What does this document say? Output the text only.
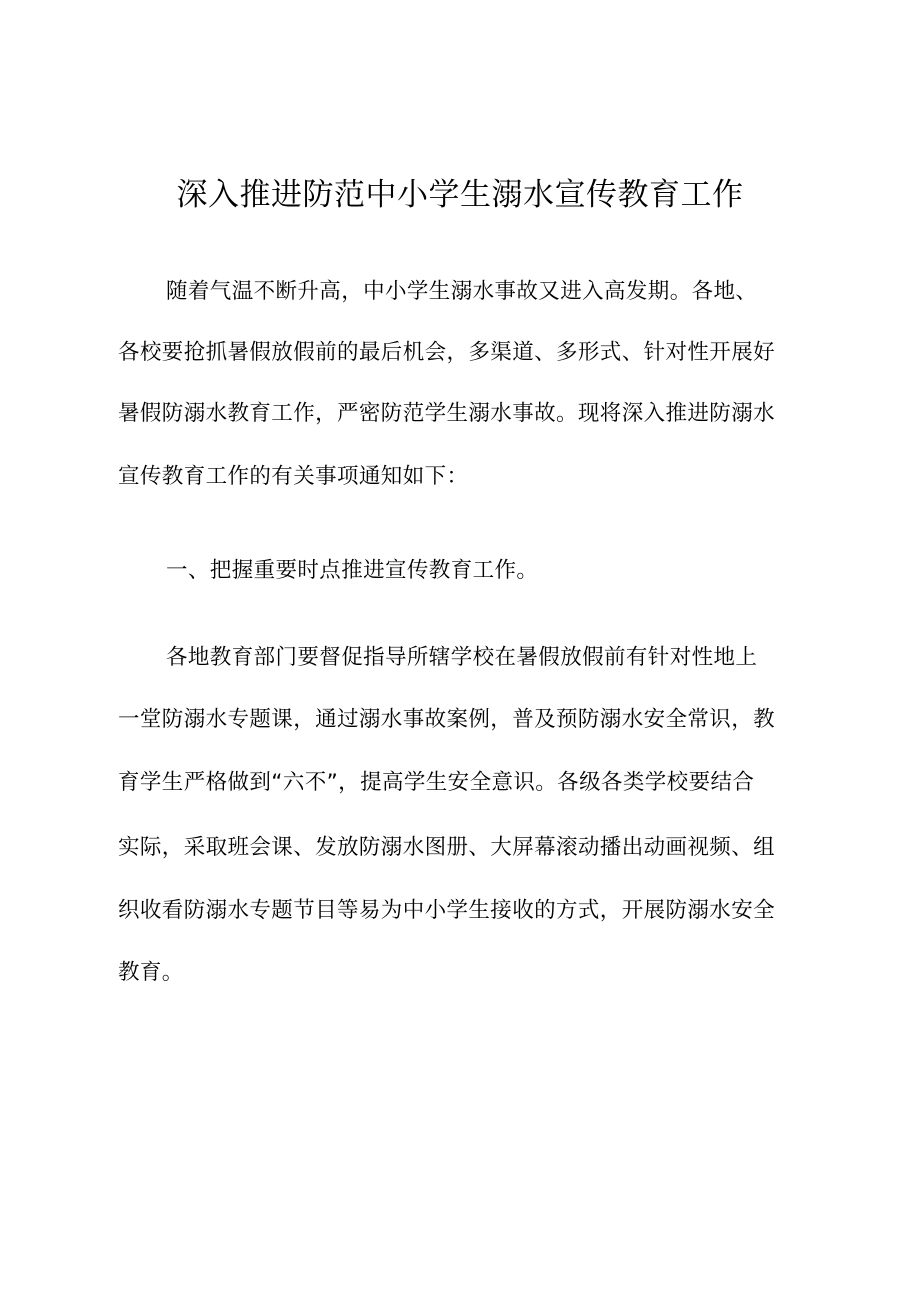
深入推进防范中小学生溺水宣传教育工作
随着气温不断升高，中小学生溺水事故又进入高发期。各地、
各校要抢抓暑假放假前的最后机会，多渠道、多形式、针对性开展好
暑假防溺水教育工作，严密防范学生溺水事故。现将深入推进防溺水
宣传教育工作的有关事项通知如下：
一、把握重要时点推进宣传教育工作。
各地教育部门要督促指导所辖学校在暑假放假前有针对性地上
一堂防溺水专题课，通过溺水事故案例，普及预防溺水安全常识，教
育学生严格做到“六不”，提高学生安全意识。各级各类学校要结合
实际，采取班会课、发放防溺水图册、大屏幕滚动播出动画视频、组
织收看防溺水专题节目等易为中小学生接收的方式，开展防溺水安全
教育。
